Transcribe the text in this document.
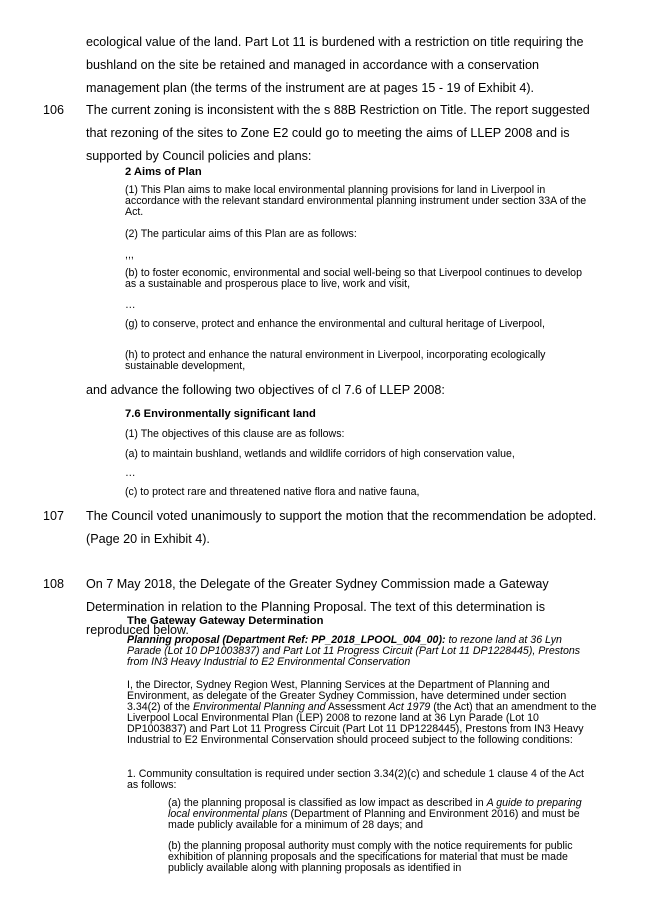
ecological value of the land. Part Lot 11 is burdened with a restriction on title requiring the bushland on the site be retained and managed in accordance with a conservation management plan (the terms of the instrument are at pages 15 - 19 of Exhibit 4).
106	The current zoning is inconsistent with the s 88B Restriction on Title. The report suggested that rezoning of the sites to Zone E2 could go to meeting the aims of LLEP 2008 and is supported by Council policies and plans:
2 Aims of Plan
(1) This Plan aims to make local environmental planning provisions for land in Liverpool in accordance with the relevant standard environmental planning instrument under section 33A of the Act.
(2) The particular aims of this Plan are as follows:
,,,
(b) to foster economic, environmental and social well-being so that Liverpool continues to develop as a sustainable and prosperous place to live, work and visit,
…
(g) to conserve, protect and enhance the environmental and cultural heritage of Liverpool,
(h) to protect and enhance the natural environment in Liverpool, incorporating ecologically sustainable development,
and advance the following two objectives of cl 7.6 of LLEP 2008:
7.6 Environmentally significant land
(1) The objectives of this clause are as follows:
(a) to maintain bushland, wetlands and wildlife corridors of high conservation value,
…
(c) to protect rare and threatened native flora and native fauna,
107	The Council voted unanimously to support the motion that the recommendation be adopted. (Page 20 in Exhibit 4).
108	On 7 May 2018, the Delegate of the Greater Sydney Commission made a Gateway Determination in relation to the Planning Proposal. The text of this determination is reproduced below.
The Gateway Gateway Determination
Planning proposal (Department Ref: PP_2018_LPOOL_004_00): to rezone land at 36 Lyn Parade (Lot 10 DP1003837) and Part Lot 11 Progress Circuit (Part Lot 11 DP1228445), Prestons from IN3 Heavy Industrial to E2 Environmental Conservation
I, the Director, Sydney Region West, Planning Services at the Department of Planning and Environment, as delegate of the Greater Sydney Commission, have determined under section 3.34(2) of the Environmental Planning and Assessment Act 1979 (the Act) that an amendment to the Liverpool Local Environmental Plan (LEP) 2008 to rezone land at 36 Lyn Parade (Lot 10 DP1003837) and Part Lot 11 Progress Circuit (Part Lot 11 DP1228445), Prestons from IN3 Heavy Industrial to E2 Environmental Conservation should proceed subject to the following conditions:
1. Community consultation is required under section 3.34(2)(c) and schedule 1 clause 4 of the Act as follows:
(a) the planning proposal is classified as low impact as described in A guide to preparing local environmental plans (Department of Planning and Environment 2016) and must be made publicly available for a minimum of 28 days; and
(b) the planning proposal authority must comply with the notice requirements for public exhibition of planning proposals and the specifications for material that must be made publicly available along with planning proposals as identified in
